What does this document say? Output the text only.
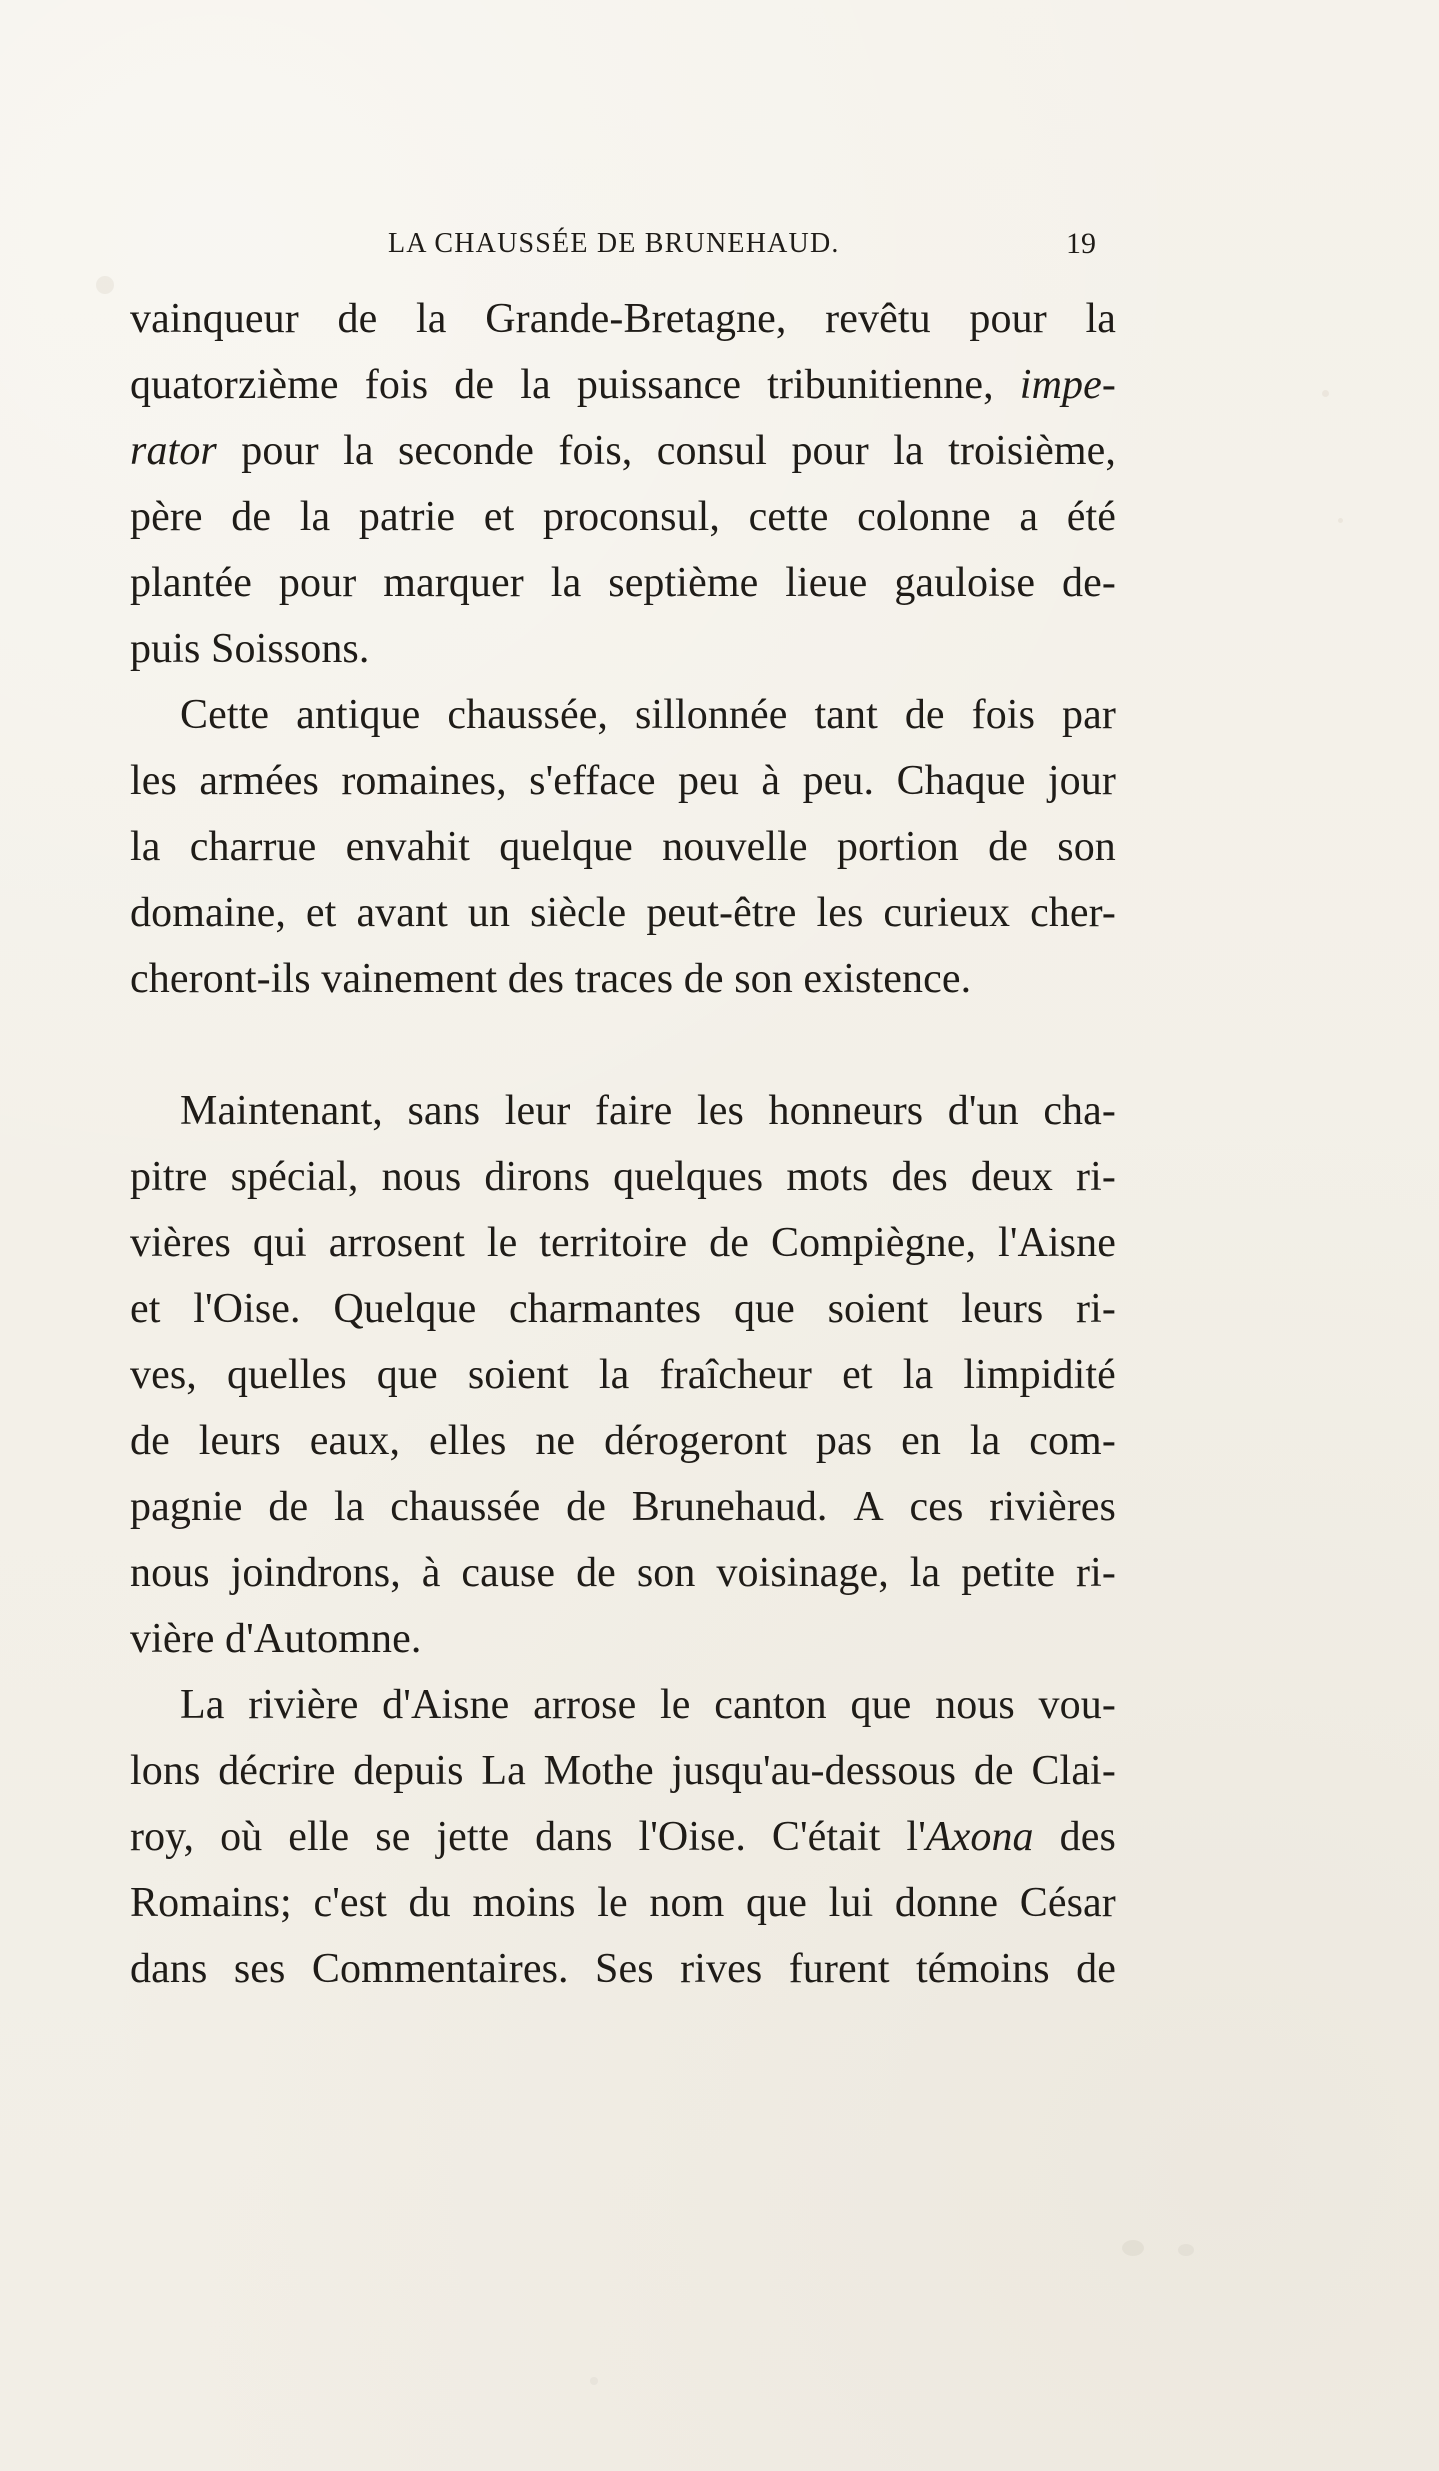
LA CHAUSSÉE DE BRUNEHAUD.	19
vainqueur de la Grande-Bretagne, revêtu pour la
quatorzième fois de la puissance tribunitienne, impe-
rator pour la seconde fois, consul pour la troisième,
père de la patrie et proconsul, cette colonne a été
plantée pour marquer la septième lieue gauloise de-
puis Soissons.
Cette antique chaussée, sillonnée tant de fois par
les armées romaines, s'efface peu à peu. Chaque jour
la charrue envahit quelque nouvelle portion de son
domaine, et avant un siècle peut-être les curieux cher-
cheront-ils vainement des traces de son existence.
Maintenant, sans leur faire les honneurs d'un cha-
pitre spécial, nous dirons quelques mots des deux ri-
vières qui arrosent le territoire de Compiègne, l'Aisne
et l'Oise. Quelque charmantes que soient leurs ri-
ves, quelles que soient la fraîcheur et la limpidité
de leurs eaux, elles ne dérogeront pas en la com-
pagnie de la chaussée de Brunehaud. A ces rivières
nous joindrons, à cause de son voisinage, la petite ri-
vière d'Automne.
La rivière d'Aisne arrose le canton que nous vou-
lons décrire depuis La Mothe jusqu'au-dessous de Clai-
roy, où elle se jette dans l'Oise. C'était l'Axona des
Romains; c'est du moins le nom que lui donne César
dans ses Commentaires. Ses rives furent témoins de
